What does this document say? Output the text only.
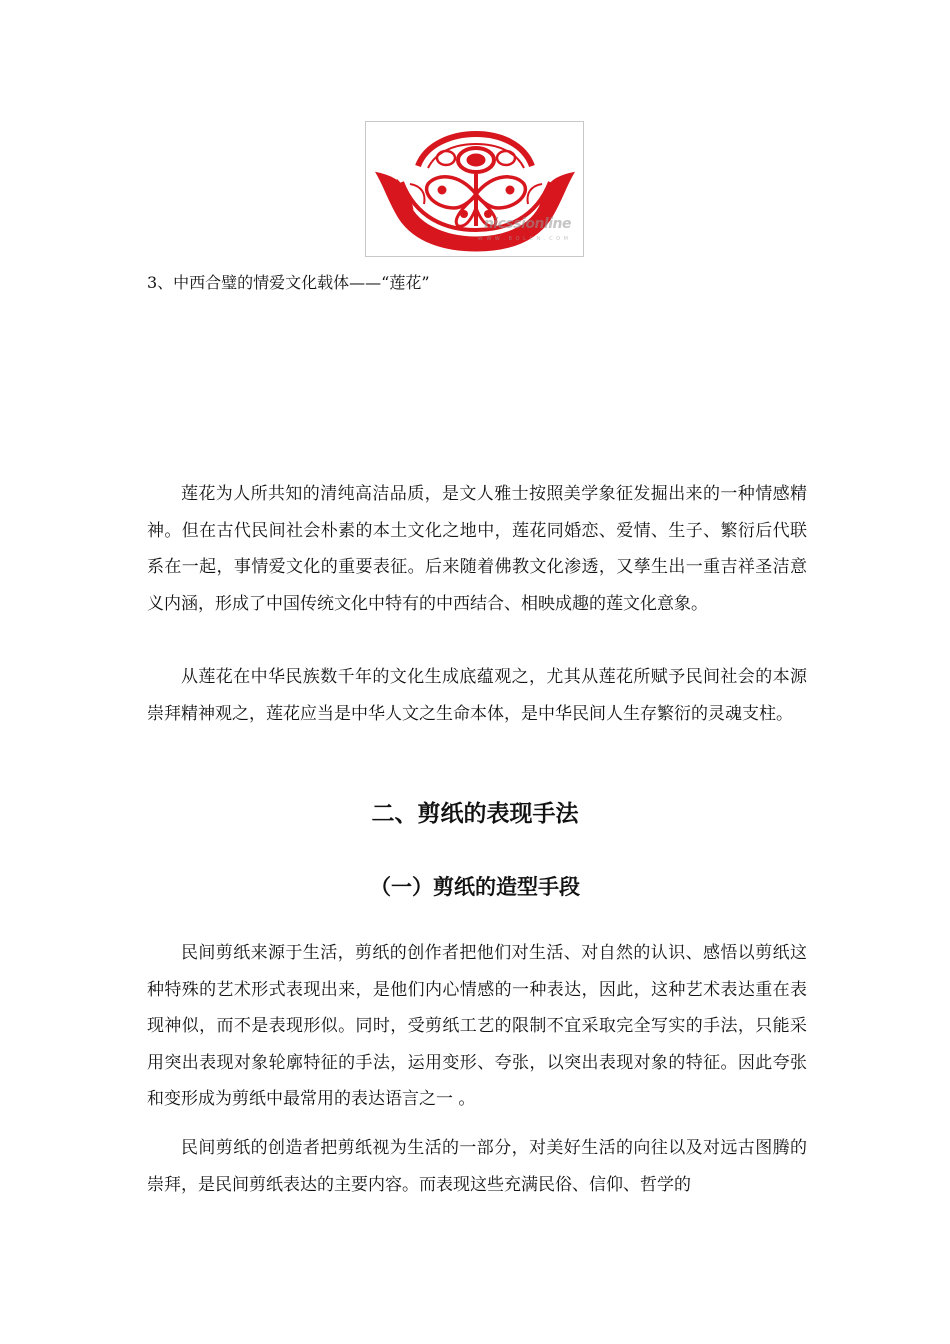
nicssionline
W W W . B O L C N . C O M
3、中西合璧的情爱文化载体——“莲花”

莲花为人所共知的清纯高洁品质，是文人雅士按照美学象征发掘出来的一种情感精神。但在古代民间社会朴素的本土文化之地中，莲花同婚恋、爱情、生子、繁衍后代联系在一起，事情爱文化的重要表征。后来随着佛教文化渗透，又孳生出一重吉祥圣洁意义内涵，形成了中国传统文化中特有的中西结合、相映成趣的莲文化意象。

从莲花在中华民族数千年的文化生成底蕴观之，尤其从莲花所赋予民间社会的本源崇拜精神观之，莲花应当是中华人文之生命本体，是中华民间人生存繁衍的灵魂支柱。

二、剪纸的表现手法
（一）剪纸的造型手段

民间剪纸来源于生活，剪纸的创作者把他们对生活、对自然的认识、感悟以剪纸这种特殊的艺术形式表现出来，是他们内心情感的一种表达，因此，这种艺术表达重在表现神似，而不是表现形似。同时，受剪纸工艺的限制不宜采取完全写实的手法，只能采用突出表现对象轮廓特征的手法，运用变形、夸张，以突出表现对象的特征。因此夸张和变形成为剪纸中最常用的表达语言之一 。

民间剪纸的创造者把剪纸视为生活的一部分，对美好生活的向往以及对远古图腾的崇拜，是民间剪纸表达的主要内容。而表现这些充满民俗、信仰、哲学的
